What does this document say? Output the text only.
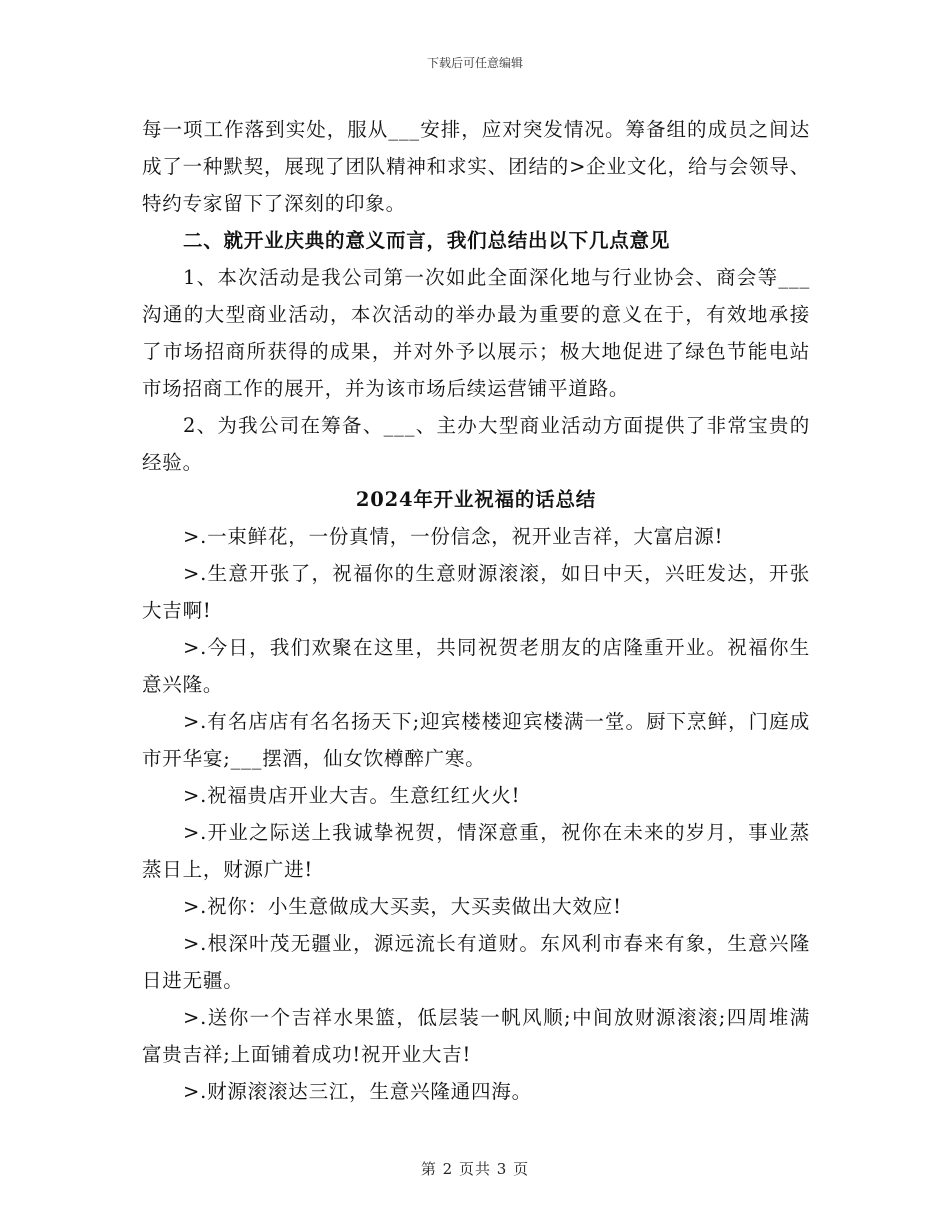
下载后可任意编辑

每一项工作落到实处，服从___安排，应对突发情况。筹备组的成员之间达成了一种默契，展现了团队精神和求实、团结的>企业文化，给与会领导、特约专家留下了深刻的印象。

二、就开业庆典的意义而言，我们总结出以下几点意见

1、本次活动是我公司第一次如此全面深化地与行业协会、商会等___沟通的大型商业活动，本次活动的举办最为重要的意义在于，有效地承接了市场招商所获得的成果，并对外予以展示；极大地促进了绿色节能电站市场招商工作的展开，并为该市场后续运营铺平道路。

2、为我公司在筹备、___、主办大型商业活动方面提供了非常宝贵的经验。

2024年开业祝福的话总结

>.一束鲜花，一份真情，一份信念，祝开业吉祥，大富启源!

>.生意开张了，祝福你的生意财源滚滚，如日中天，兴旺发达，开张大吉啊!

>.今日，我们欢聚在这里，共同祝贺老朋友的店隆重开业。祝福你生意兴隆。

>.有名店店有名名扬天下;迎宾楼楼迎宾楼满一堂。厨下烹鲜，门庭成市开华宴;___摆酒，仙女饮樽醉广寒。

>.祝福贵店开业大吉。生意红红火火!

>.开业之际送上我诚挚祝贺，情深意重，祝你在未来的岁月，事业蒸蒸日上，财源广进!

>.祝你：小生意做成大买卖，大买卖做出大效应!

>.根深叶茂无疆业，源远流长有道财。东风利市春来有象，生意兴隆日进无疆。

>.送你一个吉祥水果篮，低层装一帆风顺;中间放财源滚滚;四周堆满富贵吉祥;上面铺着成功!祝开业大吉!

>.财源滚滚达三江，生意兴隆通四海。

第 2 页共 3 页
